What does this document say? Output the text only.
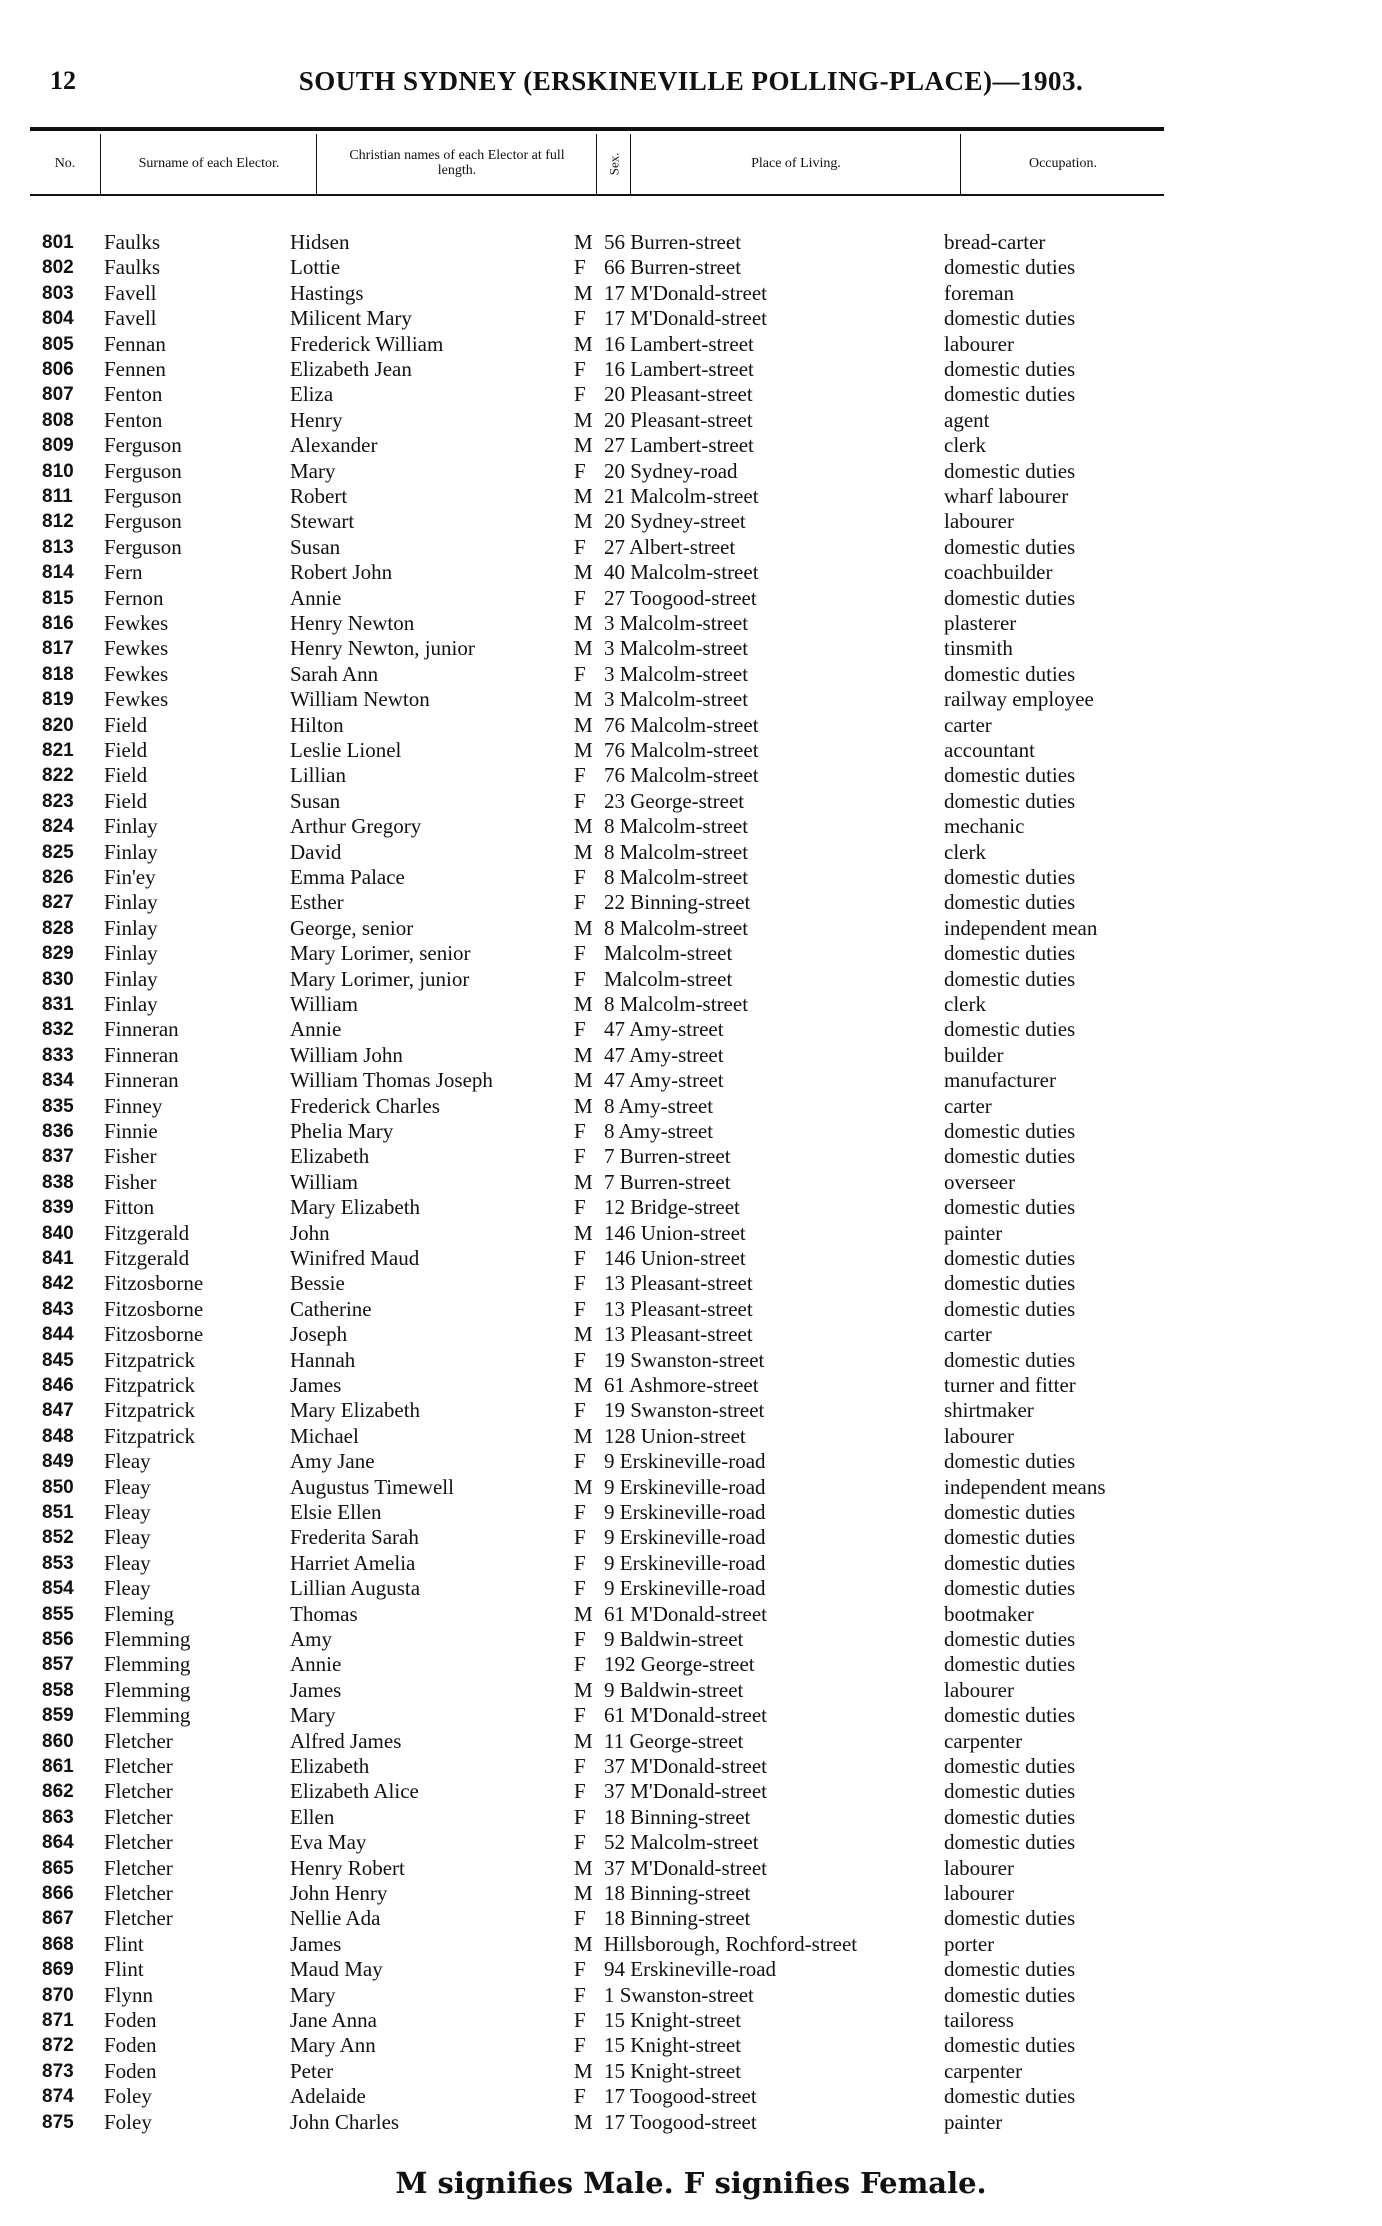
12	SOUTH SYDNEY (ERSKINEVILLE POLLING-PLACE)—1903.
No.	Surname of each Elector.	Christian names of each Elector at full length.	Sex.	Place of Living.	Occupation.
801 Faulks	Hidsen	M 56 Burren-street	bread-carter
802 Faulks	Lottie	F 66 Burren-street	domestic duties
803 Favell	Hastings	M 17 M'Donald-street	foreman
804 Favell	Milicent Mary	F 17 M'Donald-street	domestic duties
805 Fennan	Frederick William	M 16 Lambert-street	labourer
806 Fennen	Elizabeth Jean	F 16 Lambert-street	domestic duties
807 Fenton	Eliza	F 20 Pleasant-street	domestic duties
808 Fenton	Henry	M 20 Pleasant-street	agent
809 Ferguson	Alexander	M 27 Lambert-street	clerk
810 Ferguson	Mary	F 20 Sydney-road	domestic duties
811 Ferguson	Robert	M 21 Malcolm-street	wharf labourer
812 Ferguson	Stewart	M 20 Sydney-street	labourer
813 Ferguson	Susan	F 27 Albert-street	domestic duties
814 Fern	Robert John	M 40 Malcolm-street	coachbuilder
815 Fernon	Annie	F 27 Toogood-street	domestic duties
816 Fewkes	Henry Newton	M 3 Malcolm-street	plasterer
817 Fewkes	Henry Newton, junior	M 3 Malcolm-street	tinsmith
818 Fewkes	Sarah Ann	F 3 Malcolm-street	domestic duties
819 Fewkes	William Newton	M 3 Malcolm-street	railway employee
820 Field	Hilton	M 76 Malcolm-street	carter
821 Field	Leslie Lionel	M 76 Malcolm-street	accountant
822 Field	Lillian	F 76 Malcolm-street	domestic duties
823 Field	Susan	F 23 George-street	domestic duties
824 Finlay	Arthur Gregory	M 8 Malcolm-street	mechanic
825 Finlay	David	M 8 Malcolm-street	clerk
826 Fin'ey	Emma Palace	F 8 Malcolm-street	domestic duties
827 Finlay	Esther	F 22 Binning-street	domestic duties
828 Finlay	George, senior	M 8 Malcolm-street	independent mean
829 Finlay	Mary Lorimer, senior	F Malcolm-street	domestic duties
830 Finlay	Mary Lorimer, junior	F Malcolm-street	domestic duties
831 Finlay	William	M 8 Malcolm-street	clerk
832 Finneran	Annie	F 47 Amy-street	domestic duties
833 Finneran	William John	M 47 Amy-street	builder
834 Finneran	William Thomas Joseph	M 47 Amy-street	manufacturer
835 Finney	Frederick Charles	M 8 Amy-street	carter
836 Finnie	Phelia Mary	F 8 Amy-street	domestic duties
837 Fisher	Elizabeth	F 7 Burren-street	domestic duties
838 Fisher	William	M 7 Burren-street	overseer
839 Fitton	Mary Elizabeth	F 12 Bridge-street	domestic duties
840 Fitzgerald	John	M 146 Union-street	painter
841 Fitzgerald	Winifred Maud	F 146 Union-street	domestic duties
842 Fitzosborne	Bessie	F 13 Pleasant-street	domestic duties
843 Fitzosborne	Catherine	F 13 Pleasant-street	domestic duties
844 Fitzosborne	Joseph	M 13 Pleasant-street	carter
845 Fitzpatrick	Hannah	F 19 Swanston-street	domestic duties
846 Fitzpatrick	James	M 61 Ashmore-street	turner and fitter
847 Fitzpatrick	Mary Elizabeth	F 19 Swanston-street	shirtmaker
848 Fitzpatrick	Michael	M 128 Union-street	labourer
849 Fleay	Amy Jane	F 9 Erskineville-road	domestic duties
850 Fleay	Augustus Timewell	M 9 Erskineville-road	independent means
851 Fleay	Elsie Ellen	F 9 Erskineville-road	domestic duties
852 Fleay	Frederita Sarah	F 9 Erskineville-road	domestic duties
853 Fleay	Harriet Amelia	F 9 Erskineville-road	domestic duties
854 Fleay	Lillian Augusta	F 9 Erskineville-road	domestic duties
855 Fleming	Thomas	M 61 M'Donald-street	bootmaker
856 Flemming	Amy	F 9 Baldwin-street	domestic duties
857 Flemming	Annie	F 192 George-street	domestic duties
858 Flemming	James	M 9 Baldwin-street	labourer
859 Flemming	Mary	F 61 M'Donald-street	domestic duties
860 Fletcher	Alfred James	M 11 George-street	carpenter
861 Fletcher	Elizabeth	F 37 M'Donald-street	domestic duties
862 Fletcher	Elizabeth Alice	F 37 M'Donald-street	domestic duties
863 Fletcher	Ellen	F 18 Binning-street	domestic duties
864 Fletcher	Eva May	F 52 Malcolm-street	domestic duties
865 Fletcher	Henry Robert	M 37 M'Donald-street	labourer
866 Fletcher	John Henry	M 18 Binning-street	labourer
867 Fletcher	Nellie Ada	F 18 Binning-street	domestic duties
868 Flint	James	M Hillsborough, Rochford-street	porter
869 Flint	Maud May	F 94 Erskineville-road	domestic duties
870 Flynn	Mary	F 1 Swanston-street	domestic duties
871 Foden	Jane Anna	F 15 Knight-street	tailoress
872 Foden	Mary Ann	F 15 Knight-street	domestic duties
873 Foden	Peter	M 15 Knight-street	carpenter
874 Foley	Adelaide	F 17 Toogood-street	domestic duties
875 Foley	John Charles	M 17 Toogood-street	painter
M signifies Male. F signifies Female.
